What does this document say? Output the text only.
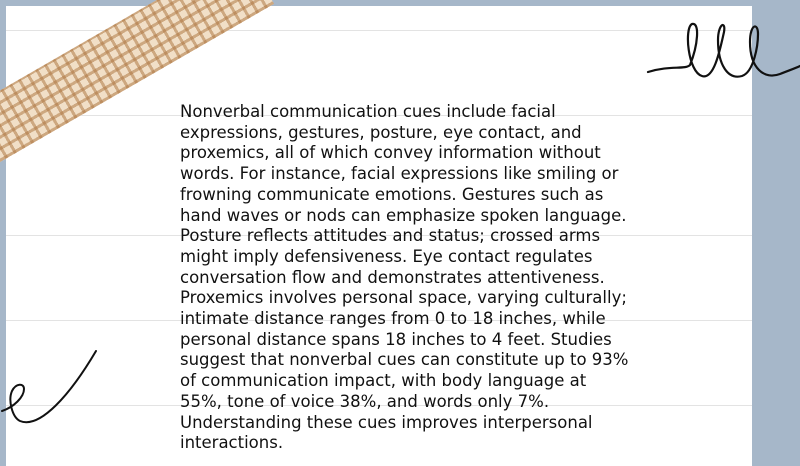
Nonverbal communication cues include facial expressions, gestures, posture, eye contact, and proxemics, all of which convey information without words. For instance, facial expressions like smiling or frowning communicate emotions. Gestures such as hand waves or nods can emphasize spoken language. Posture reflects attitudes and status; crossed arms might imply defensiveness. Eye contact regulates conversation flow and demonstrates attentiveness. Proxemics involves personal space, varying culturally; intimate distance ranges from 0 to 18 inches, while personal distance spans 18 inches to 4 feet. Studies suggest that nonverbal cues can constitute up to 93% of communication impact, with body language at 55%, tone of voice 38%, and words only 7%. Understanding these cues improves interpersonal interactions.
